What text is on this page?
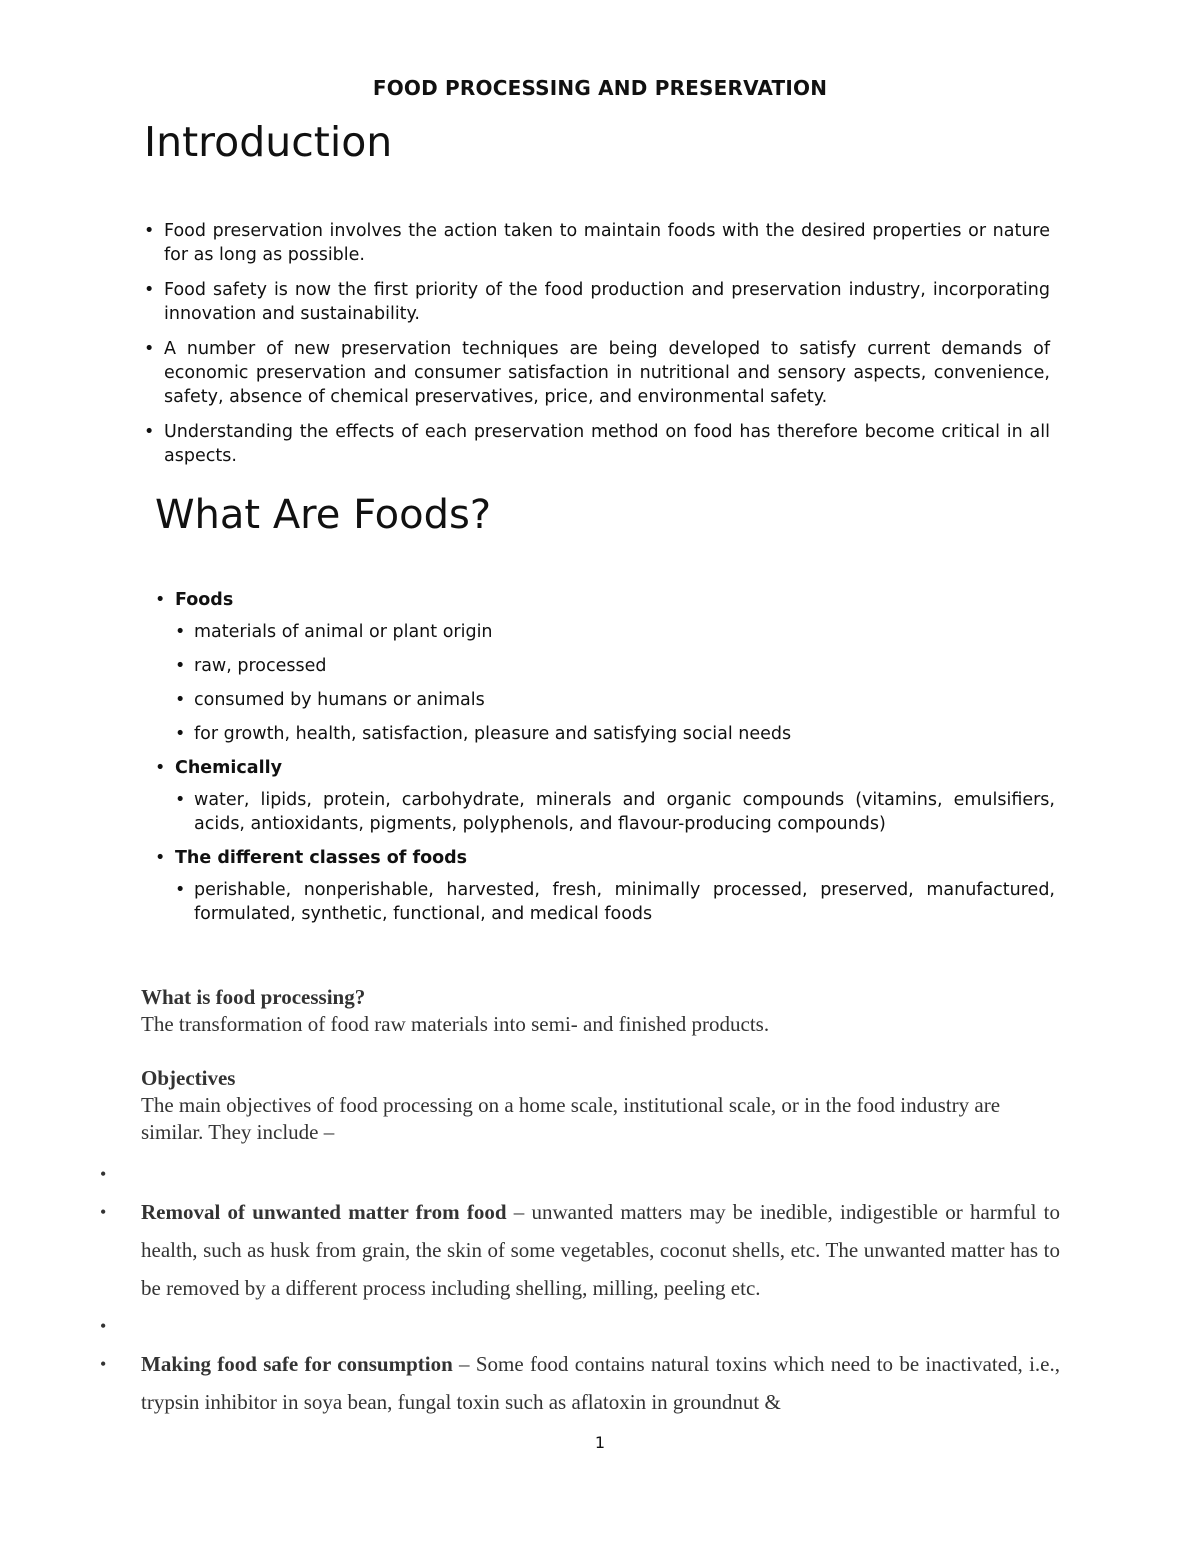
FOOD PROCESSING AND PRESERVATION
Introduction
• Food preservation involves the action taken to maintain foods with the desired properties or nature for as long as possible.
• Food safety is now the first priority of the food production and preservation industry, incorporating innovation and sustainability.
• A number of new preservation techniques are being developed to satisfy current demands of economic preservation and consumer satisfaction in nutritional and sensory aspects, convenience, safety, absence of chemical preservatives, price, and environmental safety.
• Understanding the effects of each preservation method on food has therefore become critical in all aspects.
What Are Foods?
• Foods
• materials of animal or plant origin
• raw, processed
• consumed by humans or animals
• for growth, health, satisfaction, pleasure and satisfying social needs
• Chemically
• water, lipids, protein, carbohydrate, minerals and organic compounds (vitamins, emulsifiers, acids, antioxidants, pigments, polyphenols, and flavour-producing compounds)
• The different classes of foods
• perishable, nonperishable, harvested, fresh, minimally processed, preserved, manufactured, formulated, synthetic, functional, and medical foods
What is food processing?
The transformation of food raw materials into semi- and finished products.
Objectives
The main objectives of food processing on a home scale, institutional scale, or in the food industry are similar. They include –
•
• Removal of unwanted matter from food – unwanted matters may be inedible, indigestible or harmful to health, such as husk from grain, the skin of some vegetables, coconut shells, etc. The unwanted matter has to be removed by a different process including shelling, milling, peeling etc.
•
• Making food safe for consumption – Some food contains natural toxins which need to be inactivated, i.e., trypsin inhibitor in soya bean, fungal toxin such as aflatoxin in groundnut &
1
